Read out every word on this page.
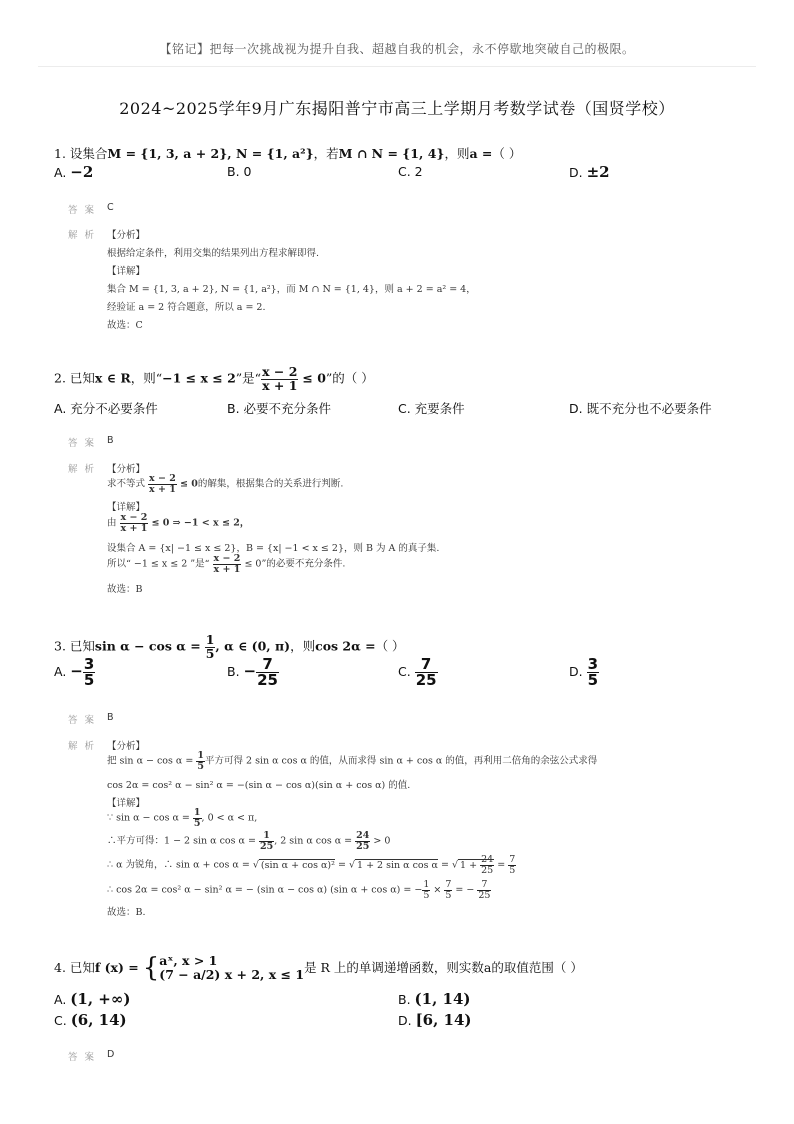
【铭记】把每一次挑战视为提升自我、超越自我的机会，永不停歇地突破自己的极限。
2024~2025学年9月广东揭阳普宁市高三上学期月考数学试卷（国贤学校）
1. 设集合M = {1, 3, a + 2}, N = {1, a²}，若M ∩ N = {1, 4}，则a =（ ）
A. −2	B. 0	C. 2	D. ±2
答 案 C
解 析 【分析】
根据给定条件，利用交集的结果列出方程求解即得.
【详解】
集合 M = {1, 3, a + 2}, N = {1, a²}，而 M ∩ N = {1, 4}，则 a + 2 = a² = 4，
经验证 a = 2 符合题意，所以 a = 2.
故选：C
2. 已知x ∈ R，则“−1 ≤ x ≤ 2”是“ $\frac{x - 2}{x + 1} \le 0$”的（ ）
A. 充分不必要条件	B. 必要不充分条件	C. 充要条件	D. 既不充分也不必要条件
答 案 B
解 析 【分析】
求不等式 $\frac{x - 2}{x + 1} \le 0$的解集，根据集合的关系进行判断.
【详解】
由 $\frac{x - 2}{x + 1} \le 0$ ⇒ −1 < x ≤ 2，
设集合 A = {x| −1 ≤ x ≤ 2}，B = {x| −1 < x ≤ 2}，则 B 为 A 的真子集.
所以“ −1 ≤ x ≤ 2 ”是“ $\frac{x - 2}{x + 1} \le 0$”的必要不充分条件.
故选：B
3. 已知$\sin \alpha - \cos \alpha = \frac{1}{5}$ , α ∈ (0, π)，则cos 2α =（ ）
A. − $\frac{3}{5}$	B. − $\frac{7}{25}$	C. $\frac{7}{25}$	D. $\frac{3}{5}$
答 案 B
解 析 【分析】
把 $\sin \alpha - \cos \alpha = \frac{1}{5}$ 平方可得 2 sin α cos α 的值，从而求得 sin α + cos α 的值，再利用二倍角的余弦公式求得
cos 2α = cos² α − sin² α = −(sin α − cos α)(sin α + cos α) 的值.
【详解】
∵ $\sin \alpha - \cos \alpha = \frac{1}{5}$ , 0 < α < π,
∴平方可得：1 − 2 sin α $\cos \alpha = \frac{1}{25}$ , 2 sin α $\cos \alpha = \frac{24}{25} > 0$
∴ α 为锐角，∴ sin α + cos α = √ (sin α + cos α)² = √ 1 + 2 sin α cos α = √ $1 + \frac{24}{25} = \frac{7}{5}$
∴ cos 2α = cos² α − sin² α = − (sin α − cos α) (sin α + cos α) = − $\frac{1}{5} \times \frac{7}{5}$ = − $\frac{7}{25}$
故选：B.
4. 已知f (x) = { aˣ, x > 1
(7 − a/2) x + 2, x ≤ 1 是 R 上的单调递增函数，则实数a的取值范围（ ）
A. (1, +∞)	B. (1, 14)
C. (6, 14)	D. [6, 14)
答 案 D
